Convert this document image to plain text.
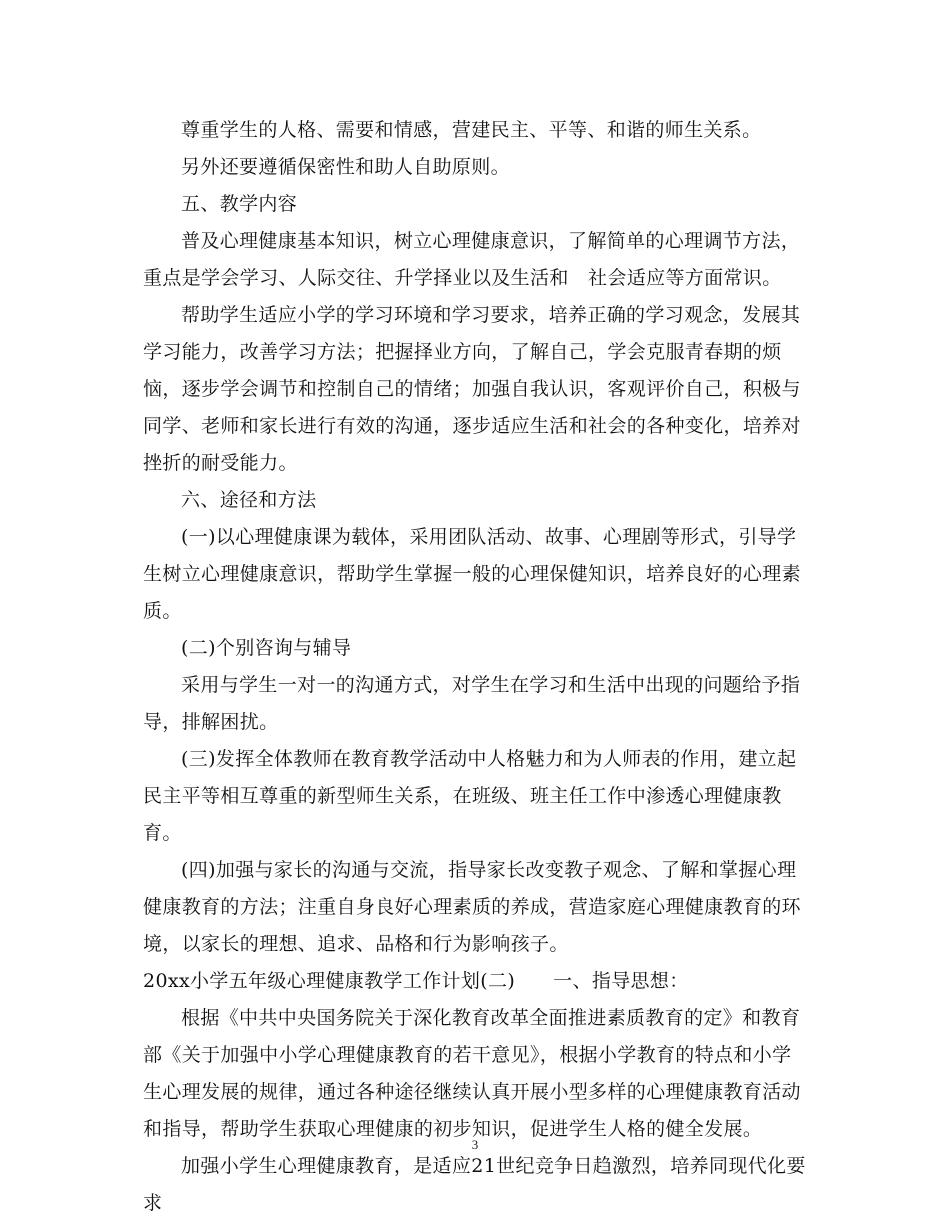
尊重学生的人格、需要和情感，营建民主、平等、和谐的师生关系。

另外还要遵循保密性和助人自助原则。

五、教学内容

普及心理健康基本知识，树立心理健康意识，了解简单的心理调节方法，重点是学会学习、人际交往、升学择业以及生活和　社会适应等方面常识。

帮助学生适应小学的学习环境和学习要求，培养正确的学习观念，发展其学习能力，改善学习方法；把握择业方向，了解自己，学会克服青春期的烦恼，逐步学会调节和控制自己的情绪；加强自我认识，客观评价自己，积极与同学、老师和家长进行有效的沟通，逐步适应生活和社会的各种变化，培养对挫折的耐受能力。

六、途径和方法

(一)以心理健康课为载体，采用团队活动、故事、心理剧等形式，引导学生树立心理健康意识，帮助学生掌握一般的心理保健知识，培养良好的心理素质。

(二)个别咨询与辅导

采用与学生一对一的沟通方式，对学生在学习和生活中出现的问题给予指导，排解困扰。

(三)发挥全体教师在教育教学活动中人格魅力和为人师表的作用，建立起民主平等相互尊重的新型师生关系，在班级、班主任工作中渗透心理健康教育。

(四)加强与家长的沟通与交流，指导家长改变教子观念、了解和掌握心理健康教育的方法；注重自身良好心理素质的养成，营造家庭心理健康教育的环境，以家长的理想、追求、品格和行为影响孩子。

20xx小学五年级心理健康教学工作计划(二) 一、指导思想：

根据《中共中央国务院关于深化教育改革全面推进素质教育的定》和教育部《关于加强中小学心理健康教育的若干意见》，根据小学教育的特点和小学生心理发展的规律，通过各种途径继续认真开展小型多样的心理健康教育活动和指导，帮助学生获取心理健康的初步知识，促进学生人格的健全发展。

加强小学生心理健康教育，是适应21世纪竞争日趋激烈，培养同现代化要求

3
